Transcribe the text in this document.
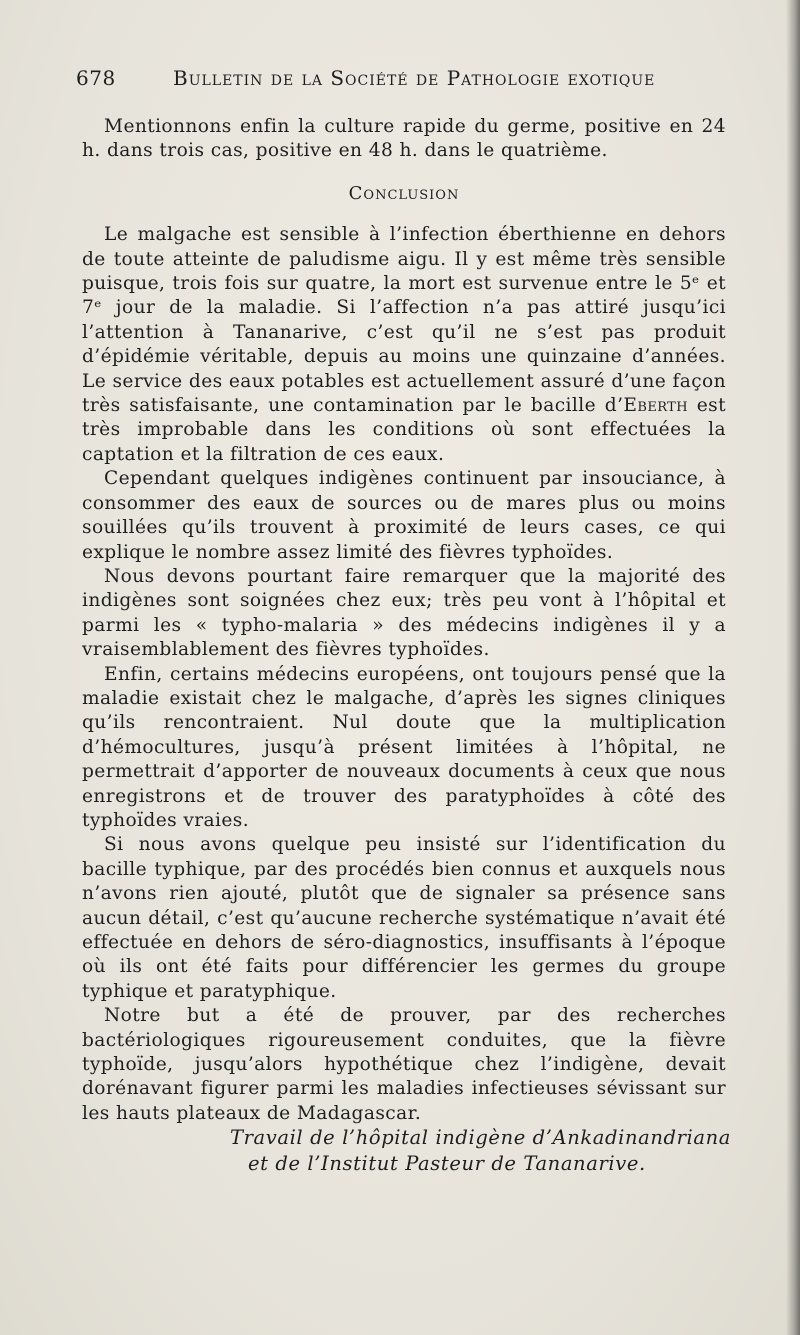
678	Bulletin de la Société de Pathologie exotique

Mentionnons enfin la culture rapide du germe, positive en 24 h. dans trois cas, positive en 48 h. dans le quatrième.

Conclusion

Le malgache est sensible à l’infection éberthienne en dehors de toute atteinte de paludisme aigu. Il y est même très sensible puisque, trois fois sur quatre, la mort est survenue entre le 5ᵉ et 7ᵉ jour de la maladie. Si l’affection n’a pas attiré jusqu’ici l’attention à Tananarive, c’est qu’il ne s’est pas produit d’épidémie véritable, depuis au moins une quinzaine d’années. Le service des eaux potables est actuellement assuré d’une façon très satisfaisante, une contamination par le bacille d’Eberth est très improbable dans les conditions où sont effectuées la captation et la filtration de ces eaux.

Cependant quelques indigènes continuent par insouciance, à consommer des eaux de sources ou de mares plus ou moins souillées qu’ils trouvent à proximité de leurs cases, ce qui explique le nombre assez limité des fièvres typhoïdes.

Nous devons pourtant faire remarquer que la majorité des indigènes sont soignées chez eux; très peu vont à l’hôpital et parmi les « typho-malaria » des médecins indigènes il y a vraisemblablement des fièvres typhoïdes.

Enfin, certains médecins européens, ont toujours pensé que la maladie existait chez le malgache, d’après les signes cliniques qu’ils rencontraient. Nul doute que la multiplication d’hémocultures, jusqu’à présent limitées à l’hôpital, ne permettrait d’apporter de nouveaux documents à ceux que nous enregistrons et de trouver des paratyphoïdes à côté des typhoïdes vraies.

Si nous avons quelque peu insisté sur l’identification du bacille typhique, par des procédés bien connus et auxquels nous n’avons rien ajouté, plutôt que de signaler sa présence sans aucun détail, c’est qu’aucune recherche systématique n’avait été effectuée en dehors de séro-diagnostics, insuffisants à l’époque où ils ont été faits pour différencier les germes du groupe typhique et paratyphique.

Notre but a été de prouver, par des recherches bactériologiques rigoureusement conduites, que la fièvre typhoïde, jusqu’alors hypothétique chez l’indigène, devait dorénavant figurer parmi les maladies infectieuses sévissant sur les hauts plateaux de Madagascar.

Travail de l’hôpital indigène d’Ankadinandriana
et de l’Institut Pasteur de Tananarive.
